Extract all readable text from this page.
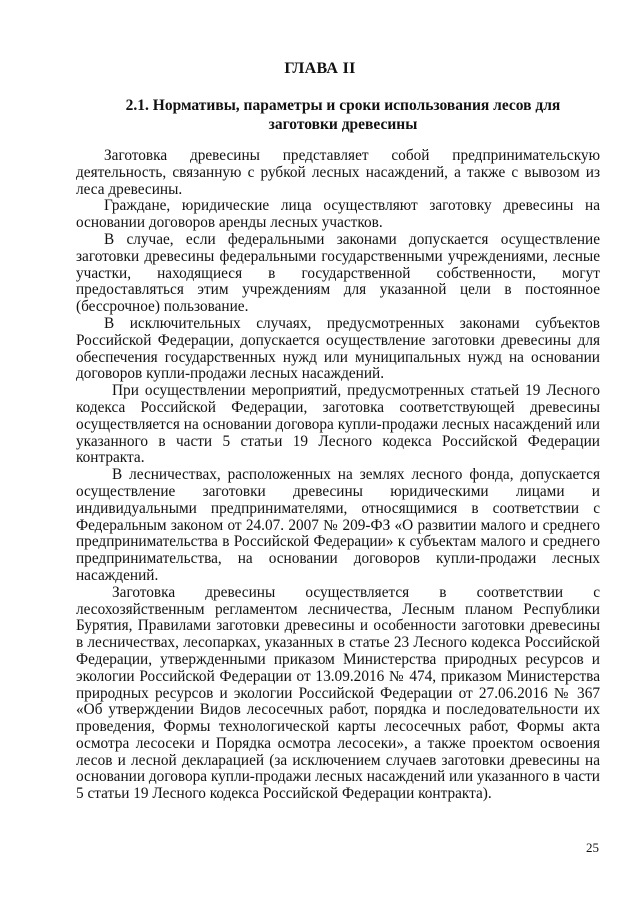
ГЛАВА II
2.1. Нормативы, параметры и сроки использования лесов для заготовки древесины

Заготовка древесины представляет собой предпринимательскую деятельность, связанную с рубкой лесных насаждений, а также с вывозом из леса древесины.

Граждане, юридические лица осуществляют заготовку древесины на основании договоров аренды лесных участков.

В случае, если федеральными законами допускается осуществление заготовки древесины федеральными государственными учреждениями, лесные участки, находящиеся в государственной собственности, могут предоставляться этим учреждениям для указанной цели в постоянное (бессрочное) пользование.

В исключительных случаях, предусмотренных законами субъектов Российской Федерации, допускается осуществление заготовки древесины для обеспечения государственных нужд или муниципальных нужд на основании договоров купли-продажи лесных насаждений.

При осуществлении мероприятий, предусмотренных статьей 19 Лесного кодекса Российской Федерации, заготовка соответствующей древесины осуществляется на основании договора купли-продажи лесных насаждений или указанного в части 5 статьи 19 Лесного кодекса Российской Федерации контракта.

В лесничествах, расположенных на землях лесного фонда, допускается осуществление заготовки древесины юридическими лицами и индивидуальными предпринимателями, относящимися в соответствии с Федеральным законом от 24.07. 2007 № 209-ФЗ «О развитии малого и среднего предпринимательства в Российской Федерации» к субъектам малого и среднего предпринимательства, на основании договоров купли-продажи лесных насаждений.

Заготовка древесины осуществляется в соответствии с лесохозяйственным регламентом лесничества, Лесным планом Республики Бурятия, Правилами заготовки древесины и особенности заготовки древесины в лесничествах, лесопарках, указанных в статье 23 Лесного кодекса Российской Федерации, утвержденными приказом Министерства природных ресурсов и экологии Российской Федерации от 13.09.2016 № 474, приказом Министерства природных ресурсов и экологии Российской Федерации от 27.06.2016 № 367 «Об утверждении Видов лесосечных работ, порядка и последовательности их проведения, Формы технологической карты лесосечных работ, Формы акта осмотра лесосеки и Порядка осмотра лесосеки», а также проектом освоения лесов и лесной декларацией (за исключением случаев заготовки древесины на основании договора купли-продажи лесных насаждений или указанного в части 5 статьи 19 Лесного кодекса Российской Федерации контракта).

25
